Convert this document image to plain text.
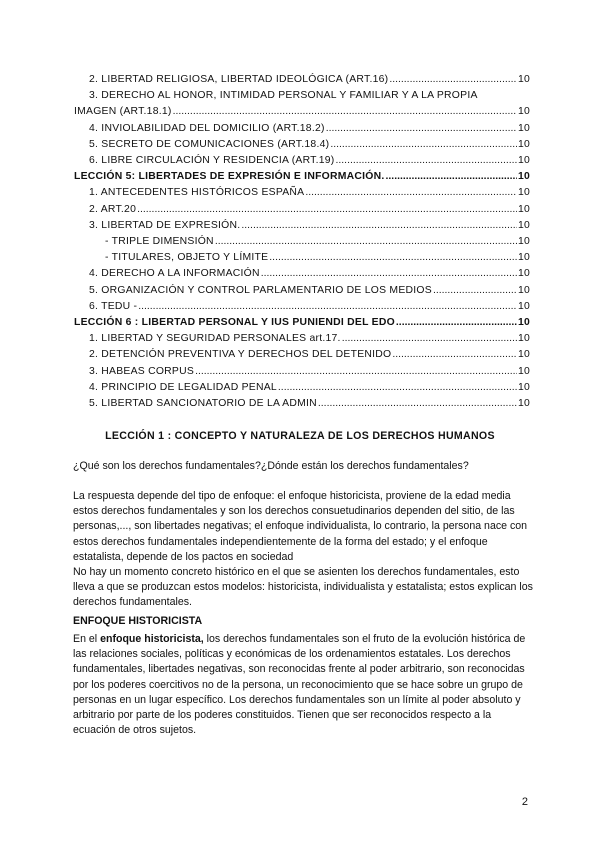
2. LIBERTAD RELIGIOSA, LIBERTAD IDEOLÓGICA (ART.16) .....	10
3. DERECHO AL HONOR, INTIMIDAD PERSONAL Y FAMILIAR Y A LA PROPIA
IMAGEN (ART.18.1) .....	10
4. INVIOLABILIDAD DEL DOMICILIO (ART.18.2) .....	10
5. SECRETO DE COMUNICACIONES (ART.18.4) .....	10
6. LIBRE CIRCULACIÓN Y RESIDENCIA (ART.19) .....	10
LECCIÓN 5: LIBERTADES DE EXPRESIÓN E INFORMACIÓN. .....	10
1. ANTECEDENTES HISTÓRICOS ESPAÑA .....	10
2. ART.20 .....	10
3. LIBERTAD DE EXPRESIÓN. .....	10
- TRIPLE DIMENSIÓN .....	10
- TITULARES, OBJETO Y LÍMITE .....	10
4. DERECHO A LA INFORMACIÓN .....	10
5. ORGANIZACIÓN Y CONTROL PARLAMENTARIO DE LOS MEDIOS .....	10
6. TEDU - .....	10
LECCIÓN 6 : LIBERTAD PERSONAL Y IUS PUNIENDI DEL EDO .....	10
1. LIBERTAD Y SEGURIDAD PERSONALES art.17. .....	10
2. DETENCIÓN PREVENTIVA Y DERECHOS DEL DETENIDO .....	10
3. HABEAS CORPUS .....	10
4. PRINCIPIO DE LEGALIDAD PENAL .....	10
5. LIBERTAD SANCIONATORIO DE LA ADMIN .....	10
LECCIÓN 1 : CONCEPTO Y NATURALEZA DE LOS DERECHOS HUMANOS
¿Qué son los derechos fundamentales?¿Dónde están los derechos fundamentales?
La respuesta depende del tipo de enfoque: el enfoque historicista, proviene de la edad media estos derechos fundamentales y son los derechos consuetudinarios dependen del sitio, de las personas,..., son libertades negativas; el enfoque individualista, lo contrario, la persona nace con estos derechos fundamentales independientemente de la forma del estado; y el enfoque estatalista, depende de los pactos en sociedad
No hay un momento concreto histórico en el que se asienten los derechos fundamentales, esto lleva a que se produzcan estos modelos: historicista, individualista y estatalista; estos explican los derechos fundamentales.
ENFOQUE HISTORICISTA
En el enfoque historicista, los derechos fundamentales son el fruto de la evolución histórica de las relaciones sociales, políticas y económicas de los ordenamientos estatales. Los derechos fundamentales, libertades negativas, son reconocidas frente al poder arbitrario, son reconocidas por los poderes coercitivos no de la persona, un reconocimiento que se hace sobre un grupo de personas en un lugar específico. Los derechos fundamentales son un límite al poder absoluto y arbitrario por parte de los poderes constituidos. Tienen que ser reconocidos respecto a la ecuación de otros sujetos.
2
